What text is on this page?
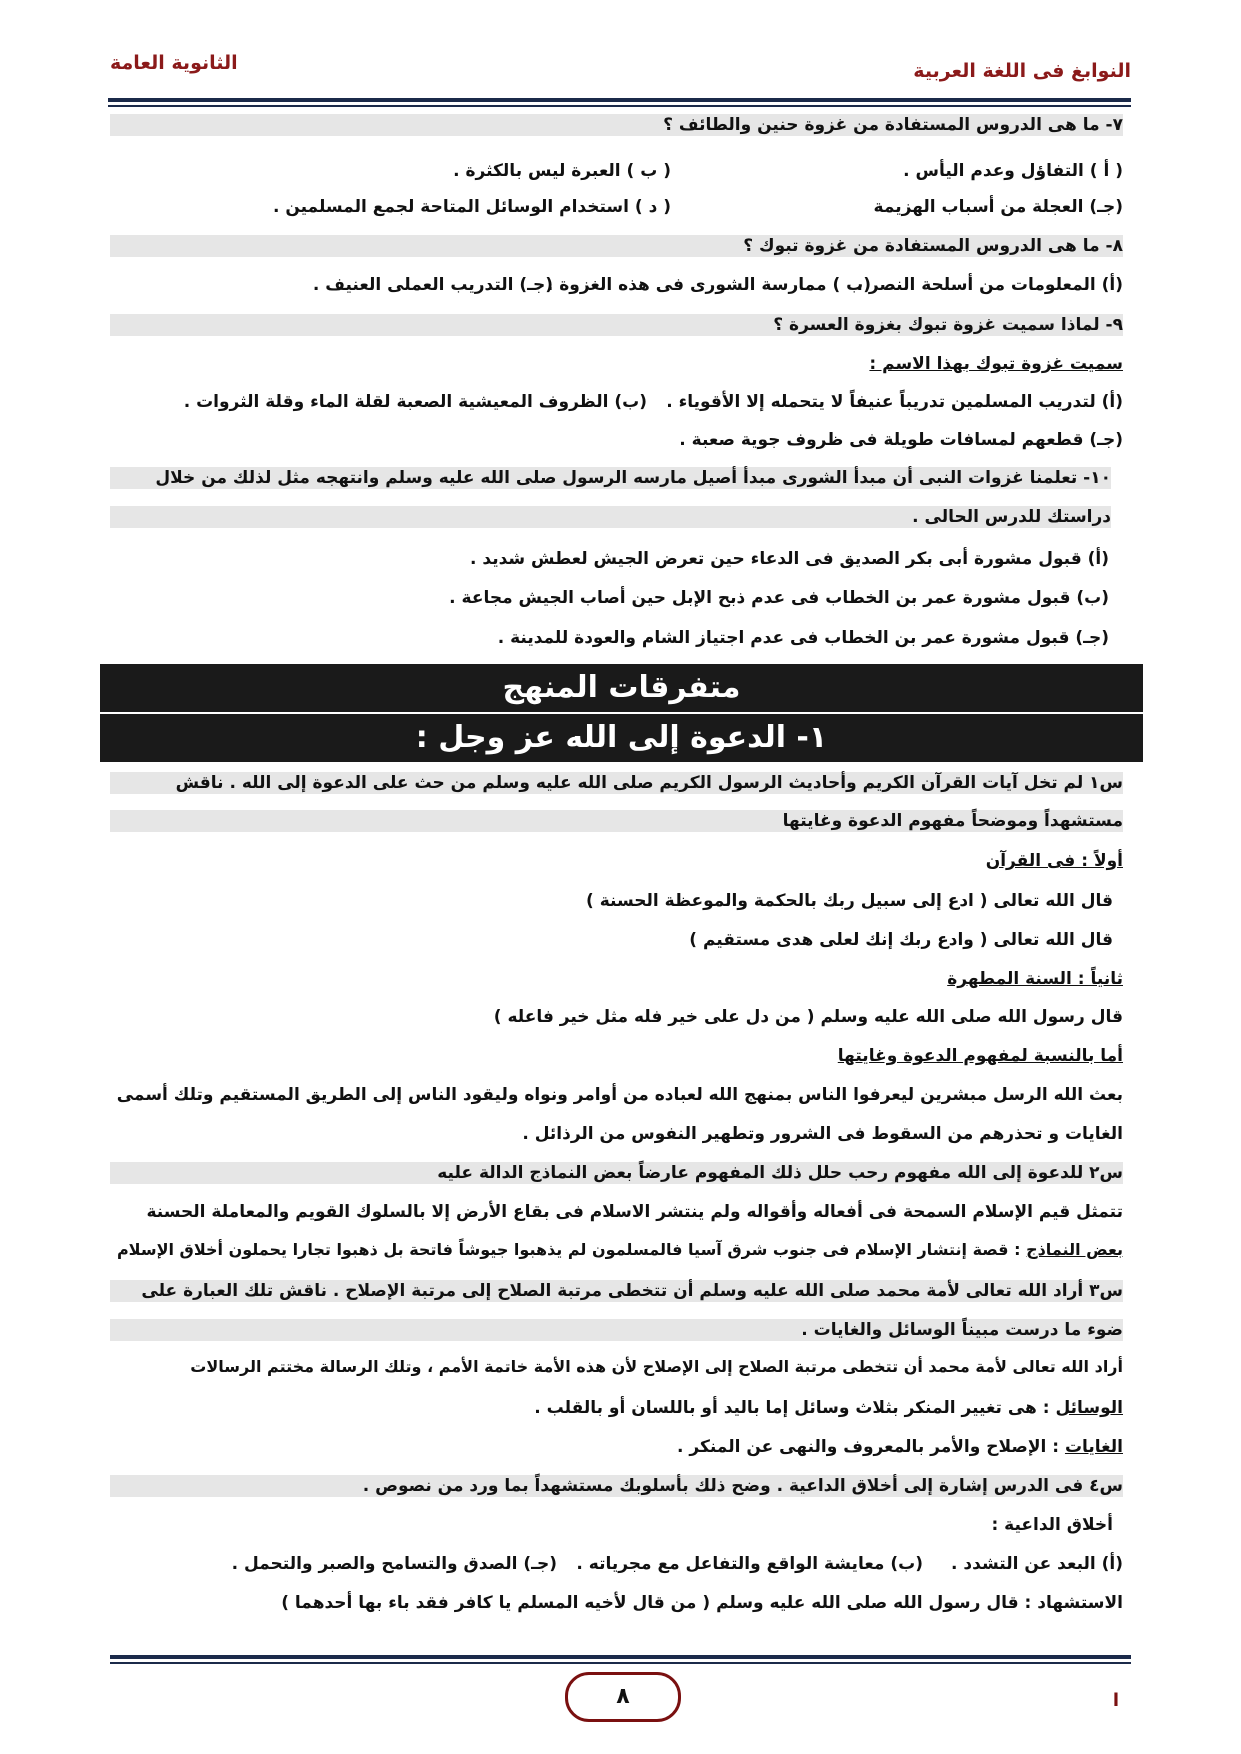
النوابغ فى اللغة العربية
الثانوية العامة
٧- ما هى الدروس المستفادة من غزوة حنين والطائف ؟
( أ ) التفاؤل وعدم اليأس .
( ب ) العبرة ليس بالكثرة .
(جـ) العجلة من أسباب الهزيمة
( د ) استخدام الوسائل المتاحة لجمع المسلمين .
٨- ما هى الدروس المستفادة من غزوة تبوك ؟
(أ) المعلومات من أسلحة النصر .
(ب ) ممارسة الشورى فى هذه الغزوة .
(جـ) التدريب العملى العنيف .
٩- لماذا سميت غزوة تبوك بغزوة العسرة ؟
سميت غزوة تبوك بهذا الاسم :
(أ) لتدريب المسلمين تدريباً عنيفاً لا يتحمله إلا الأقوياء .
(ب) الظروف المعيشية الصعبة لقلة الماء وقلة الثروات .
(جـ) قطعهم لمسافات طويلة فى ظروف جوية صعبة .
١٠- تعلمنا غزوات النبى أن مبدأ الشورى مبدأ أصيل مارسه الرسول صلى الله عليه وسلم وانتهجه مثل لذلك من خلال
دراستك للدرس الحالى .
(أ) قبول مشورة أبى بكر الصديق فى الدعاء حين تعرض الجيش لعطش شديد .
(ب) قبول مشورة عمر بن الخطاب فى عدم ذبح الإبل حين أصاب الجيش مجاعة .
(جـ) قبول مشورة عمر بن الخطاب فى عدم اجتياز الشام والعودة للمدينة .
متفرقات المنهج
١- الدعوة إلى الله عز وجل :
س١ لم تخل آيات القرآن الكريم وأحاديث الرسول الكريم صلى الله عليه وسلم من حث على الدعوة إلى الله . ناقش
مستشهداً وموضحاً مفهوم الدعوة وغايتها
أولاً : فى القرآن
قال الله تعالى ( ادع إلى سبيل ربك بالحكمة والموعظة الحسنة )
قال الله تعالى ( وادع ربك إنك لعلى هدى مستقيم )
ثانياً : السنة المطهرة
قال رسول الله صلى الله عليه وسلم ( من دل على خير فله مثل خير فاعله )
أما بالنسبة لمفهوم الدعوة وغايتها
بعث الله الرسل مبشرين ليعرفوا الناس بمنهج الله لعباده من أوامر ونواه وليقود الناس إلى الطريق المستقيم وتلك أسمى
الغايات و تحذرهم من السقوط فى الشرور وتطهير النفوس من الرذائل .
س٢ للدعوة إلى الله مفهوم رحب حلل ذلك المفهوم عارضاً بعض النماذج الدالة عليه
تتمثل قيم الإسلام السمحة فى أفعاله وأقواله ولم ينتشر الاسلام فى بقاع الأرض إلا بالسلوك القويم والمعاملة الحسنة
بعض النماذج : قصة إنتشار الإسلام فى جنوب شرق آسيا فالمسلمون لم يذهبوا جيوشاً فاتحة بل ذهبوا تجارا يحملون أخلاق الإسلام
س٣ أراد الله تعالى لأمة محمد صلى الله عليه وسلم أن تتخطى مرتبة الصلاح إلى مرتبة الإصلاح . ناقش تلك العبارة على
ضوء ما درست مبيناً الوسائل والغايات .
أراد الله تعالى لأمة محمد أن تتخطى مرتبة الصلاح إلى الإصلاح لأن هذه الأمة خاتمة الأمم ، وتلك الرسالة مختتم الرسالات
الوسائل : هى تغيير المنكر بثلاث وسائل إما باليد أو باللسان أو بالقلب .
الغايات : الإصلاح والأمر بالمعروف والنهى عن المنكر .
س٤ فى الدرس إشارة إلى أخلاق الداعية . وضح ذلك بأسلوبك مستشهداً بما ورد من نصوص .
أخلاق الداعية :
(أ) البعد عن التشدد .
(ب) معايشة الواقع والتفاعل مع مجرياته .
(جـ) الصدق والتسامح والصبر والتحمل .
الاستشهاد : قال رسول الله صلى الله عليه وسلم ( من قال لأخيه المسلم يا كافر فقد باء بها أحدهما )
٨	ا
